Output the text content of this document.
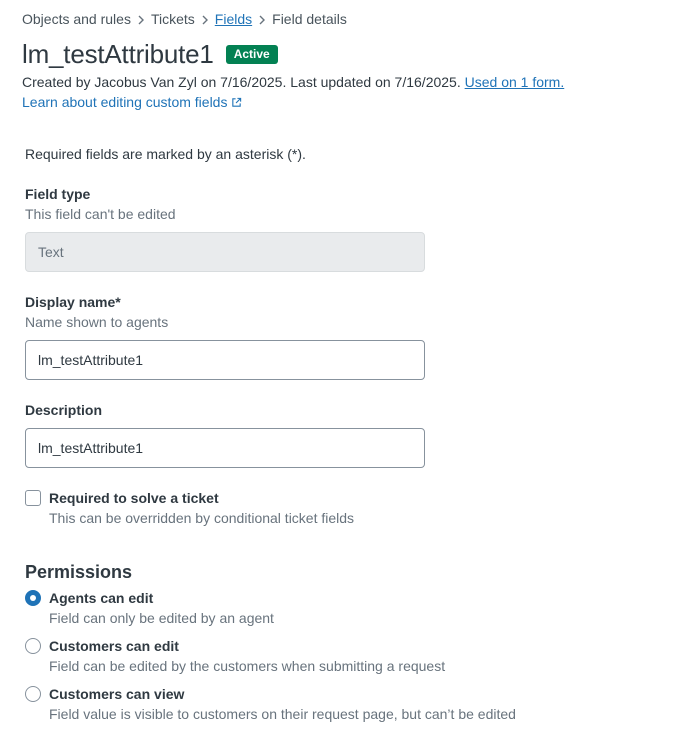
Objects and rules Tickets Fields Field details
lm_testAttribute1	Active
Created by Jacobus Van Zyl on 7/16/2025. Last updated on 7/16/2025. Used on 1 form.
Learn about editing custom fields

Required fields are marked by an asterisk (*).

Field type
This field can't be edited
Text
Display name*
Name shown to agents
lm_testAttribute1
Description
lm_testAttribute1
Required to solve a ticket
This can be overridden by conditional ticket fields
Permissions
Agents can edit
Field can only be edited by an agent
Customers can edit
Field can be edited by the customers when submitting a request
Customers can view
Field value is visible to customers on their request page, but can’t be edited
